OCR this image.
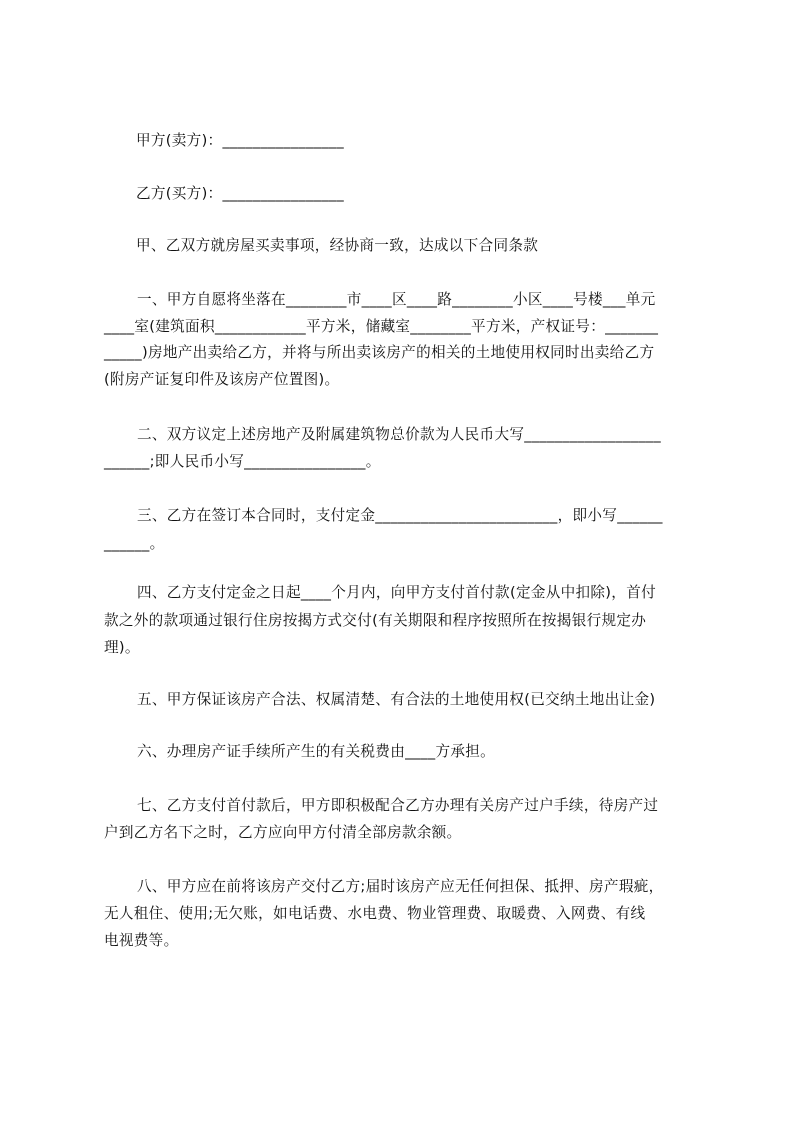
甲方(卖方)：________________
乙方(买方)：________________
甲、乙双方就房屋买卖事项，经协商一致，达成以下合同条款
一、甲方自愿将坐落在________市____区____路________小区____号楼___单元
____室(建筑面积____________平方米，储藏室________平方米，产权证号：_______
_____)房地产出卖给乙方，并将与所出卖该房产的相关的土地使用权同时出卖给乙方
(附房产证复印件及该房产位置图)。
二、双方议定上述房地产及附属建筑物总价款为人民币大写__________________
______;即人民币小写________________。
三、乙方在签订本合同时，支付定金________________________，即小写______
______。
四、乙方支付定金之日起____个月内，向甲方支付首付款(定金从中扣除)，首付
款之外的款项通过银行住房按揭方式交付(有关期限和程序按照所在按揭银行规定办
理)。
五、甲方保证该房产合法、权属清楚、有合法的土地使用权(已交纳土地出让金)
六、办理房产证手续所产生的有关税费由____方承担。
七、乙方支付首付款后，甲方即积极配合乙方办理有关房产过户手续，待房产过
户到乙方名下之时，乙方应向甲方付清全部房款余额。
八、甲方应在前将该房产交付乙方;届时该房产应无任何担保、抵押、房产瑕疵，
无人租住、使用;无欠账，如电话费、水电费、物业管理费、取暖费、入网费、有线
电视费等。
